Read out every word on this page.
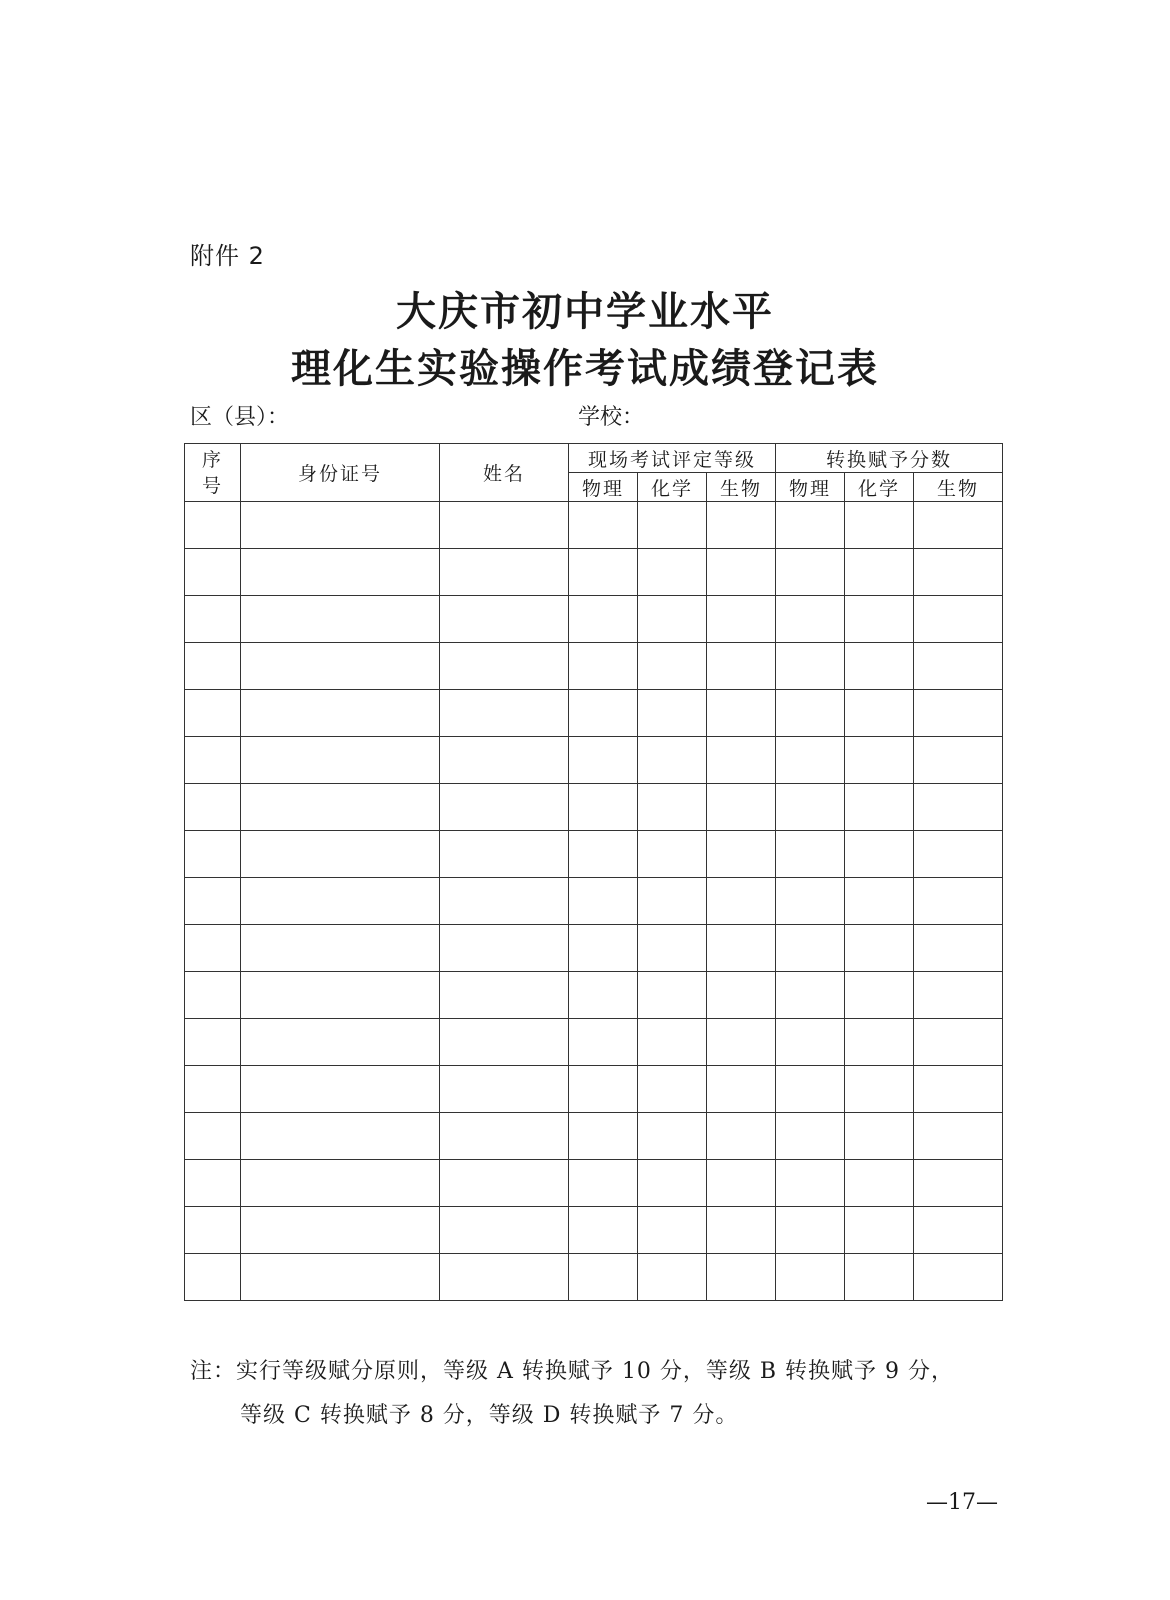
附件 2
大庆市初中学业水平
理化生实验操作考试成绩登记表
区（县）：	学校：
序
号	身份证号	姓名	现场考试评定等级			转换赋予分数		
			物理	化学	生物	物理	化学	生物

注：实行等级赋分原则，等级 A 转换赋予 10 分，等级 B 转换赋予 9 分，
等级 C 转换赋予 8 分，等级 D 转换赋予 7 分。
—17—
